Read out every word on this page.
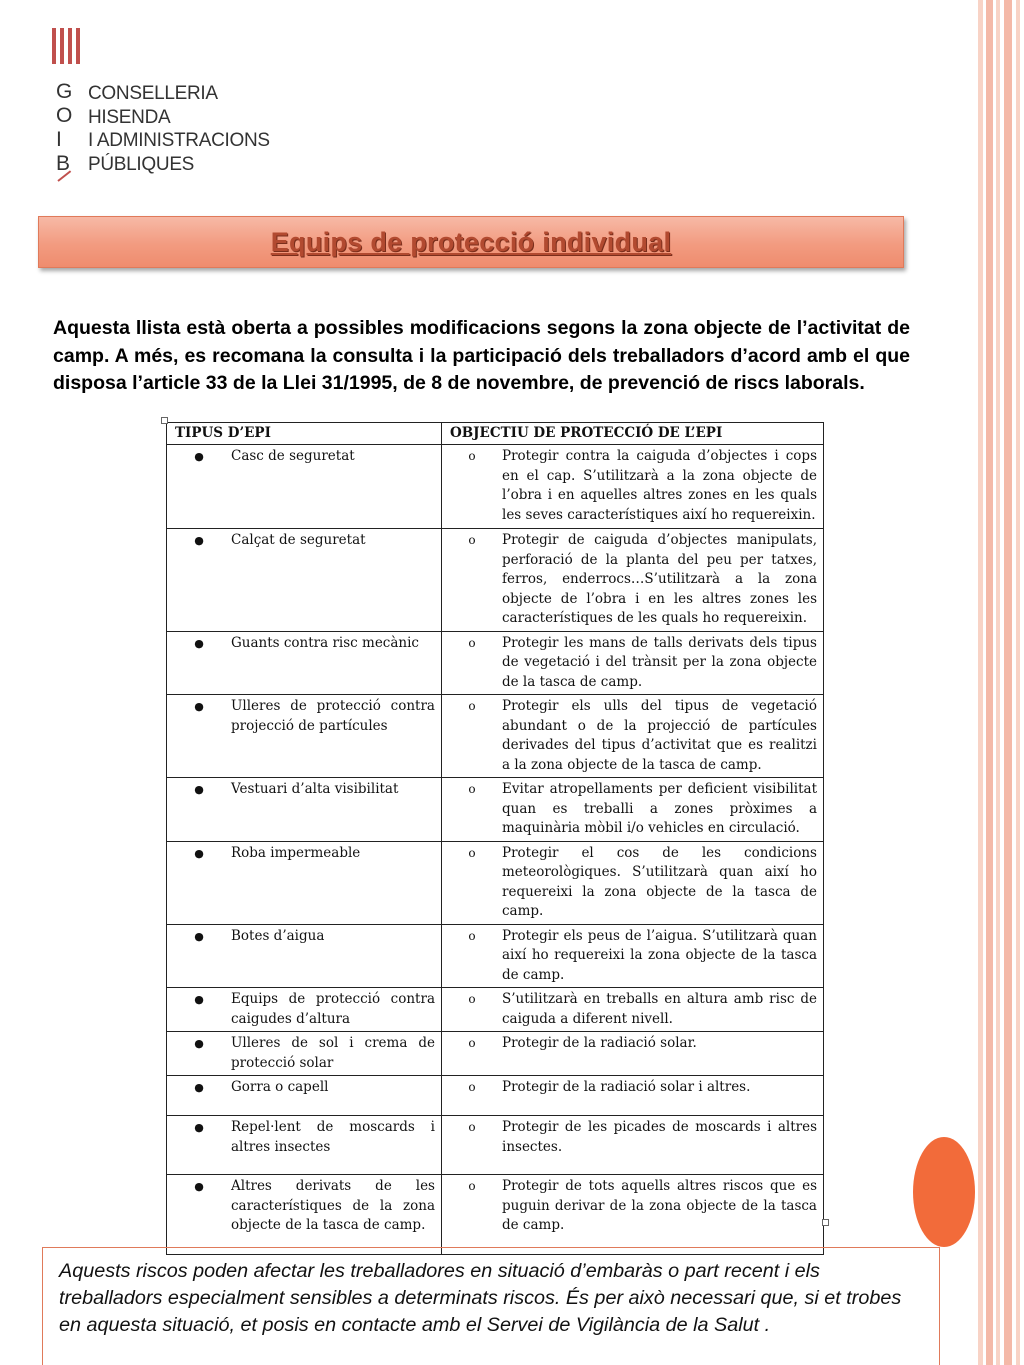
G
O
I
B
CONSELLERIA
HISENDA
I ADMINISTRACIONS
PÚBLIQUES
Equips de protecció individual
Aquesta llista està oberta a possibles modificacions segons la zona objecte de l’activitat de camp. A més, es recomana la consulta i la participació dels treballadors d’acord amb el que disposa l’article 33 de la Llei 31/1995, de 8 de novembre, de prevenció de riscs laborals.
TIPUS D’EPI	OBJECTIU DE PROTECCIÓ DE L’EPI

● Casc de seguretat	o Protegir contra la caiguda d’objectes i cops en el cap. S’utilitzarà a la zona objecte de l’obra i en aquelles altres zones en les quals les seves característiques així ho requereixin.

● Calçat de seguretat	o Protegir de caiguda d’objectes manipulats, perforació de la planta del peu per tatxes, ferros, enderrocs…S’utilitzarà a la zona objecte de l’obra i en les altres zones les característiques de les quals ho requereixin.

● Guants contra risc mecànic	o Protegir les mans de talls derivats dels tipus de vegetació i del trànsit per la zona objecte de la tasca de camp.

● Ulleres de protecció contra projecció de partícules	o Protegir els ulls del tipus de vegetació abundant o de la projecció de partícules derivades del tipus d’activitat que es realitzi a la zona objecte de la tasca de camp.

● Vestuari d’alta visibilitat	o Evitar atropellaments per deficient visibilitat quan es treballi a zones pròximes a maquinària mòbil i/o vehicles en circulació.

● Roba impermeable	o Protegir el cos de les condicions meteorològiques. S’utilitzarà quan així ho requereixi la zona objecte de la tasca de camp.

● Botes d’aigua	o Protegir els peus de l’aigua. S’utilitzarà quan així ho requereixi la zona objecte de la tasca de camp.

● Equips de protecció contra caigudes d’altura	o S’utilitzarà en treballs en altura amb risc de caiguda a diferent nivell.

● Ulleres de sol i crema de protecció solar	o Protegir de la radiació solar.

● Gorra o capell	o Protegir de la radiació solar i altres.

● Repel·lent de moscards i altres insectes	o Protegir de les picades de moscards i altres insectes.

● Altres derivats de les característiques de la zona objecte de la tasca de camp.	o Protegir de tots aquells altres riscos que es puguin derivar de la zona objecte de la tasca de camp.
Aquests riscos poden afectar les treballadores en situació d’embaràs o part recent i els treballadors especialment sensibles a determinats riscos. És per això necessari que, si et trobes en aquesta situació, et posis en contacte amb el Servei de Vigilància de la Salut .
